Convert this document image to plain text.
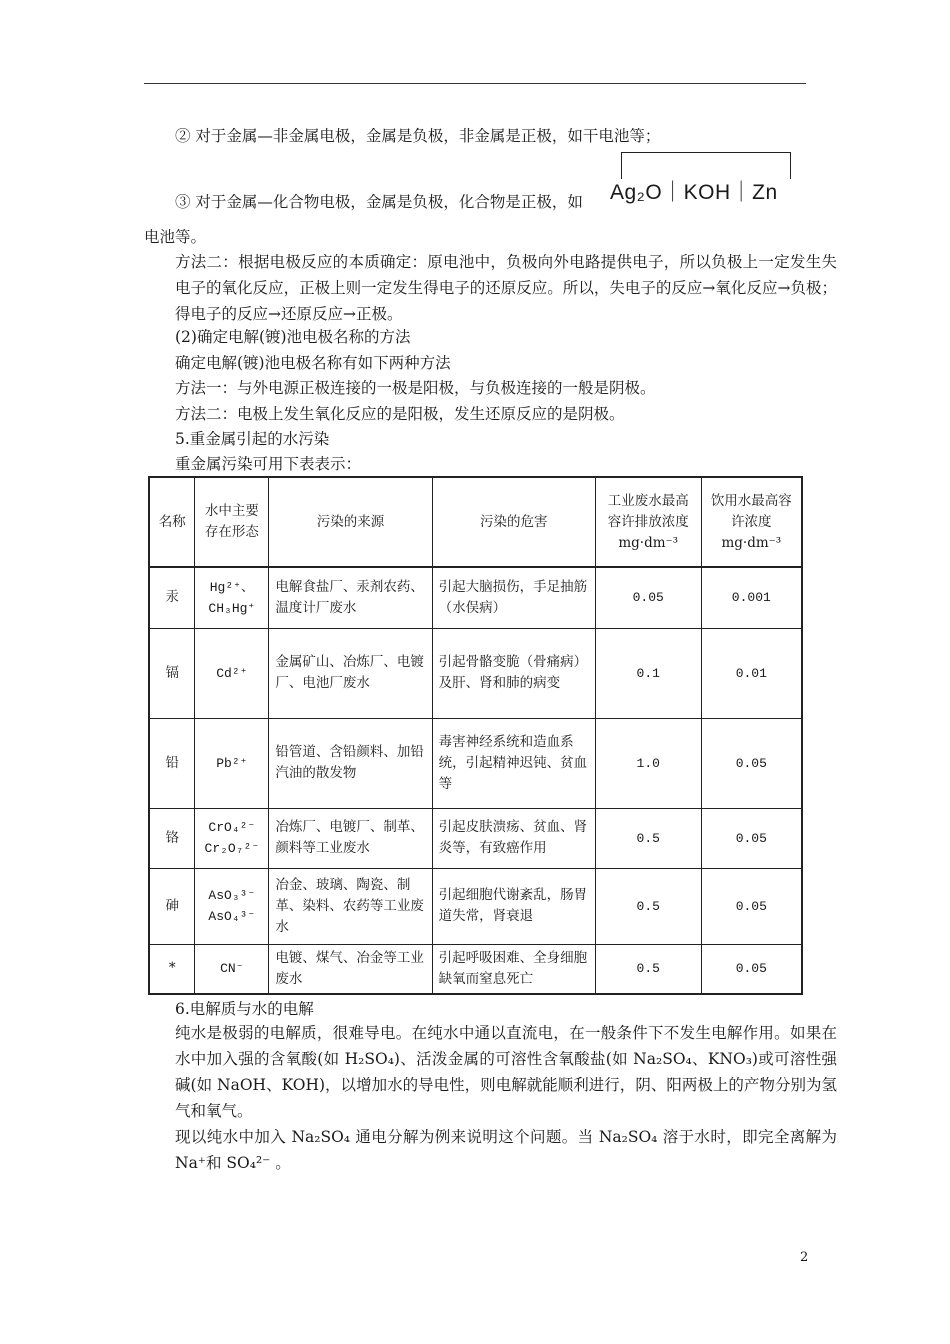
② 对于金属—非金属电极，金属是负极，非金属是正极，如干电池等；
③ 对于金属—化合物电极，金属是负极，化合物是正极，如	Ag₂O｜KOH｜Zn
电池等。
方法二：根据电极反应的本质确定：原电池中，负极向外电路提供电子，所以负极上一定发生失电子的氧化反应，正极上则一定发生得电子的还原反应。所以，失电子的反应→氧化反应→负极；得电子的反应→还原反应→正极。
(2)确定电解(镀)池电极名称的方法
确定电解(镀)池电极名称有如下两种方法
方法一：与外电源正极连接的一极是阳极，与负极连接的一般是阴极。
方法二：电极上发生氧化反应的是阳极，发生还原反应的是阴极。
5.重金属引起的水污染
重金属污染可用下表表示：
名称	水中主要存在形态	污染的来源	污染的危害	工业废水最高容许排放浓度 mg·dm⁻³	饮用水最高容许浓度 mg·dm⁻³
汞	Hg²⁺、CH₃Hg⁺	电解食盐厂、汞剂农药、温度计厂废水	引起大脑损伤，手足抽筋（水俣病）	0.05	0.001
镉	Cd²⁺	金属矿山、冶炼厂、电镀厂、电池厂废水	引起骨骼变脆（骨痛病）及肝、肾和肺的病变	0.1	0.01
铅	Pb²⁺	铅管道、含铅颜料、加铅汽油的散发物	毒害神经系统和造血系统，引起精神迟钝、贫血等	1.0	0.05
铬	CrO₄²⁻ Cr₂O₇²⁻	冶炼厂、电镀厂、制革、颜料等工业废水	引起皮肤溃疡、贫血、肾炎等，有致癌作用	0.5	0.05
砷	AsO₃³⁻ AsO₄³⁻	冶金、玻璃、陶瓷、制革、染料、农药等工业废水	引起细胞代谢紊乱，肠胃道失常，肾衰退	0.5	0.05
*	CN⁻	电镀、煤气、冶金等工业废水	引起呼吸困难、全身细胞缺氧而窒息死亡	0.5	0.05
6.电解质与水的电解
纯水是极弱的电解质，很难导电。在纯水中通以直流电，在一般条件下不发生电解作用。如果在水中加入强的含氧酸(如 H₂SO₄)、活泼金属的可溶性含氧酸盐(如 Na₂SO₄、KNO₃)或可溶性强碱(如 NaOH、KOH)，以增加水的导电性，则电解就能顺利进行，阴、阳两极上的产物分别为氢气和氧气。
现以纯水中加入 Na₂SO₄ 通电分解为例来说明这个问题。当 Na₂SO₄ 溶于水时，即完全离解为 Na⁺和 SO₄²⁻ 。
2
